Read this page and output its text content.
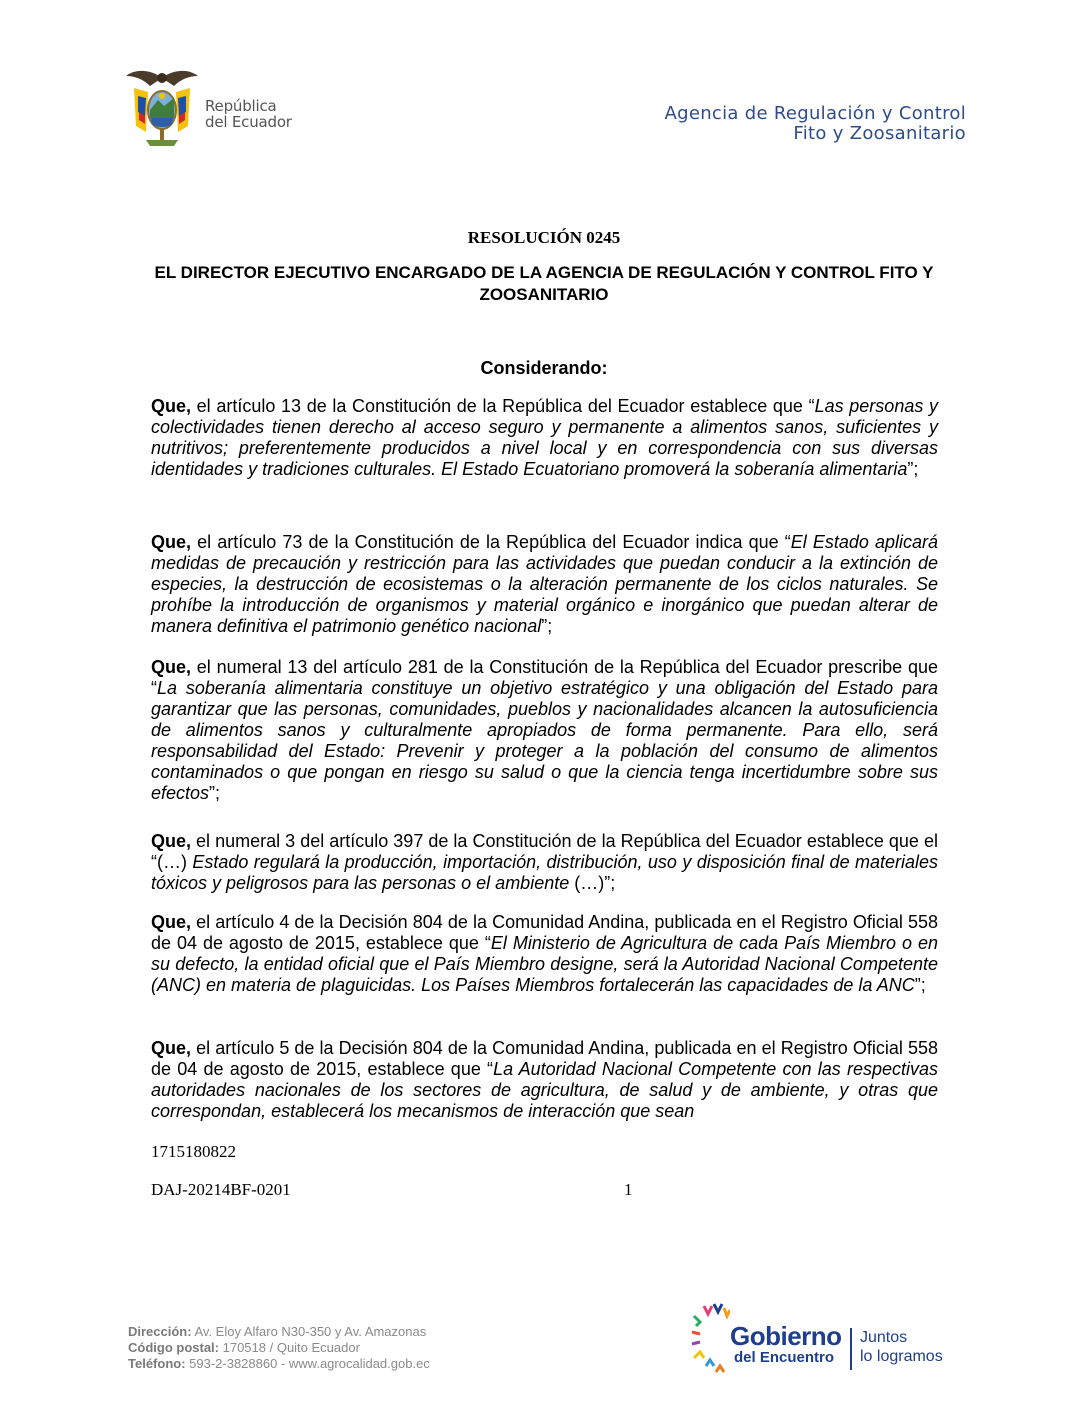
República
del Ecuador	Agencia de Regulación y Control
Fito y Zoosanitario
RESOLUCIÓN 0245
EL DIRECTOR EJECUTIVO ENCARGADO DE LA AGENCIA DE REGULACIÓN Y CONTROL FITO Y ZOOSANITARIO
Considerando:

Que, el artículo 13 de la Constitución de la República del Ecuador establece que “Las personas y colectividades tienen derecho al acceso seguro y permanente a alimentos sanos, suficientes y nutritivos; preferentemente producidos a nivel local y en correspondencia con sus diversas identidades y tradiciones culturales. El Estado Ecuatoriano promoverá la soberanía alimentaria”;

Que, el artículo 73 de la Constitución de la República del Ecuador indica que “El Estado aplicará medidas de precaución y restricción para las actividades que puedan conducir a la extinción de especies, la destrucción de ecosistemas o la alteración permanente de los ciclos naturales. Se prohíbe la introducción de organismos y material orgánico e inorgánico que puedan alterar de manera definitiva el patrimonio genético nacional”;

Que, el numeral 13 del artículo 281 de la Constitución de la República del Ecuador prescribe que “La soberanía alimentaria constituye un objetivo estratégico y una obligación del Estado para garantizar que las personas, comunidades, pueblos y nacionalidades alcancen la autosuficiencia de alimentos sanos y culturalmente apropiados de forma permanente. Para ello, será responsabilidad del Estado: Prevenir y proteger a la población del consumo de alimentos contaminados o que pongan en riesgo su salud o que la ciencia tenga incertidumbre sobre sus efectos”;

Que, el numeral 3 del artículo 397 de la Constitución de la República del Ecuador establece que el “(…) Estado regulará la producción, importación, distribución, uso y disposición final de materiales tóxicos y peligrosos para las personas o el ambiente (…)”;

Que, el artículo 4 de la Decisión 804 de la Comunidad Andina, publicada en el Registro Oficial 558 de 04 de agosto de 2015, establece que “El Ministerio de Agricultura de cada País Miembro o en su defecto, la entidad oficial que el País Miembro designe, será la Autoridad Nacional Competente (ANC) en materia de plaguicidas. Los Países Miembros fortalecerán las capacidades de la ANC”;

Que, el artículo 5 de la Decisión 804 de la Comunidad Andina, publicada en el Registro Oficial 558 de 04 de agosto de 2015, establece que “La Autoridad Nacional Competente con las respectivas autoridades nacionales de los sectores de agricultura, de salud y de ambiente, y otras que correspondan, establecerá los mecanismos de interacción que sean

1715180822
DAJ-20214BF-0201	1
Dirección: Av. Eloy Alfaro N30-350 y Av. Amazonas
Código postal: 170518 / Quito Ecuador
Teléfono: 593-2-3828860 - www.agrocalidad.gob.ec
Gobierno
del Encuentro
Juntos
lo logramos
